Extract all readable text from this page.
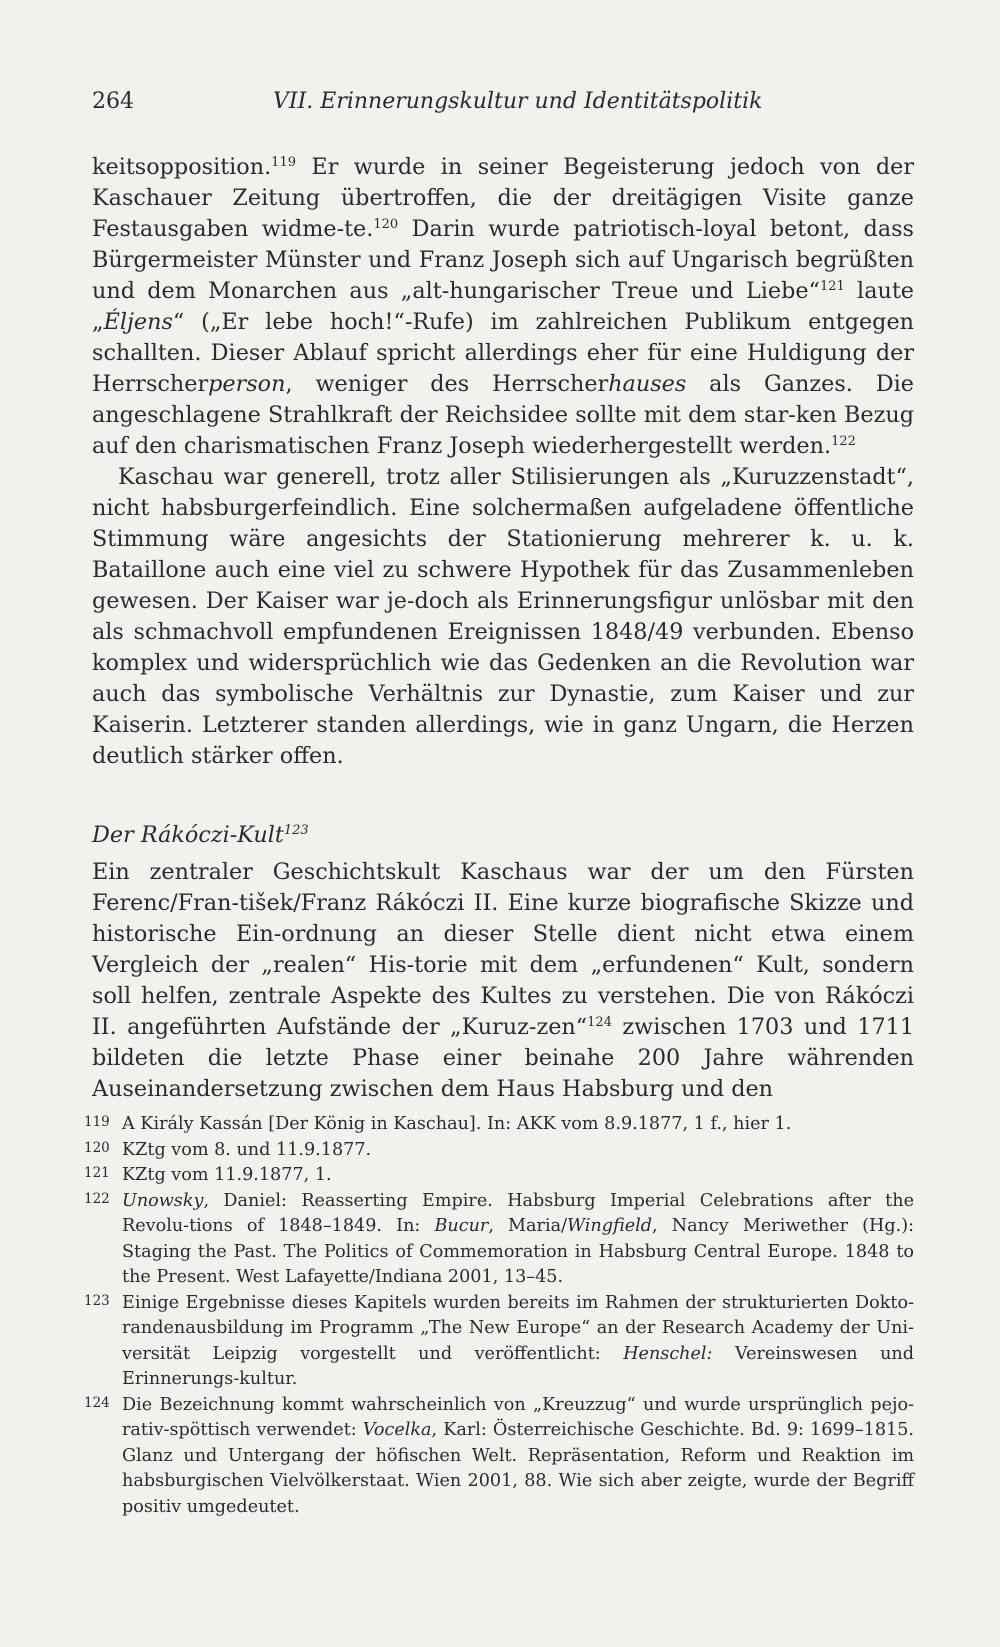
264	VII. Erinnerungskultur und Identitätspolitik

keitsopposition.$^{119}$ Er wurde in seiner Begeisterung jedoch von der Kaschauer Zeitung übertroffen, die der dreitägigen Visite ganze Festausgaben widme-te.$^{120}$ Darin wurde patriotisch-loyal betont, dass Bürgermeister Münster und Franz Joseph sich auf Ungarisch begrüßten und dem Monarchen aus „alt-hungarischer Treue und Liebe“$^{121}$ laute „Éljens“ („Er lebe hoch!“-Rufe) im zahlreichen Publikum entgegen schallten. Dieser Ablauf spricht allerdings eher für eine Huldigung der Herrscherperson, weniger des Herrscherhauses als Ganzes. Die angeschlagene Strahlkraft der Reichsidee sollte mit dem star-ken Bezug auf den charismatischen Franz Joseph wiederhergestellt werden.$^{122}$

Kaschau war generell, trotz aller Stilisierungen als „Kuruzzenstadt“, nicht habsburgerfeindlich. Eine solchermaßen aufgeladene öffentliche Stimmung wäre angesichts der Stationierung mehrerer k. u. k. Bataillone auch eine viel zu schwere Hypothek für das Zusammenleben gewesen. Der Kaiser war je-doch als Erinnerungsfigur unlösbar mit den als schmachvoll empfundenen Ereignissen 1848/49 verbunden. Ebenso komplex und widersprüchlich wie das Gedenken an die Revolution war auch das symbolische Verhältnis zur Dynastie, zum Kaiser und zur Kaiserin. Letzterer standen allerdings, wie in ganz Ungarn, die Herzen deutlich stärker offen.

Der Rákóczi-Kult$^{123}$

Ein zentraler Geschichtskult Kaschaus war der um den Fürsten Ferenc/Fran-tišek/Franz Rákóczi II. Eine kurze biografische Skizze und historische Ein-ordnung an dieser Stelle dient nicht etwa einem Vergleich der „realen“ His-torie mit dem „erfundenen“ Kult, sondern soll helfen, zentrale Aspekte des Kultes zu verstehen. Die von Rákóczi II. angeführten Aufstände der „Kuruz-zen“$^{124}$ zwischen 1703 und 1711 bildeten die letzte Phase einer beinahe 200 Jahre währenden Auseinandersetzung zwischen dem Haus Habsburg und den

119 A Király Kassán [Der König in Kaschau]. In: AKK vom 8.9.1877, 1 f., hier 1.
120 KZtg vom 8. und 11.9.1877.
121 KZtg vom 11.9.1877, 1.
122 Unowsky, Daniel: Reasserting Empire. Habsburg Imperial Celebrations after the Revolu-tions of 1848–1849. In: Bucur, Maria/Wingfield, Nancy Meriwether (Hg.): Staging the Past. The Politics of Commemoration in Habsburg Central Europe. 1848 to the Present. West Lafayette/Indiana 2001, 13–45.
123 Einige Ergebnisse dieses Kapitels wurden bereits im Rahmen der strukturierten Dokto-randenausbildung im Programm „The New Europe“ an der Research Academy der Uni-versität Leipzig vorgestellt und veröffentlicht: Henschel: Vereinswesen und Erinnerungs-kultur.
124 Die Bezeichnung kommt wahrscheinlich von „Kreuzzug“ und wurde ursprünglich pejo-rativ-spöttisch verwendet: Vocelka, Karl: Österreichische Geschichte. Bd. 9: 1699–1815. Glanz und Untergang der höfischen Welt. Repräsentation, Reform und Reaktion im habsburgischen Vielvölkerstaat. Wien 2001, 88. Wie sich aber zeigte, wurde der Begriff positiv umgedeutet.
